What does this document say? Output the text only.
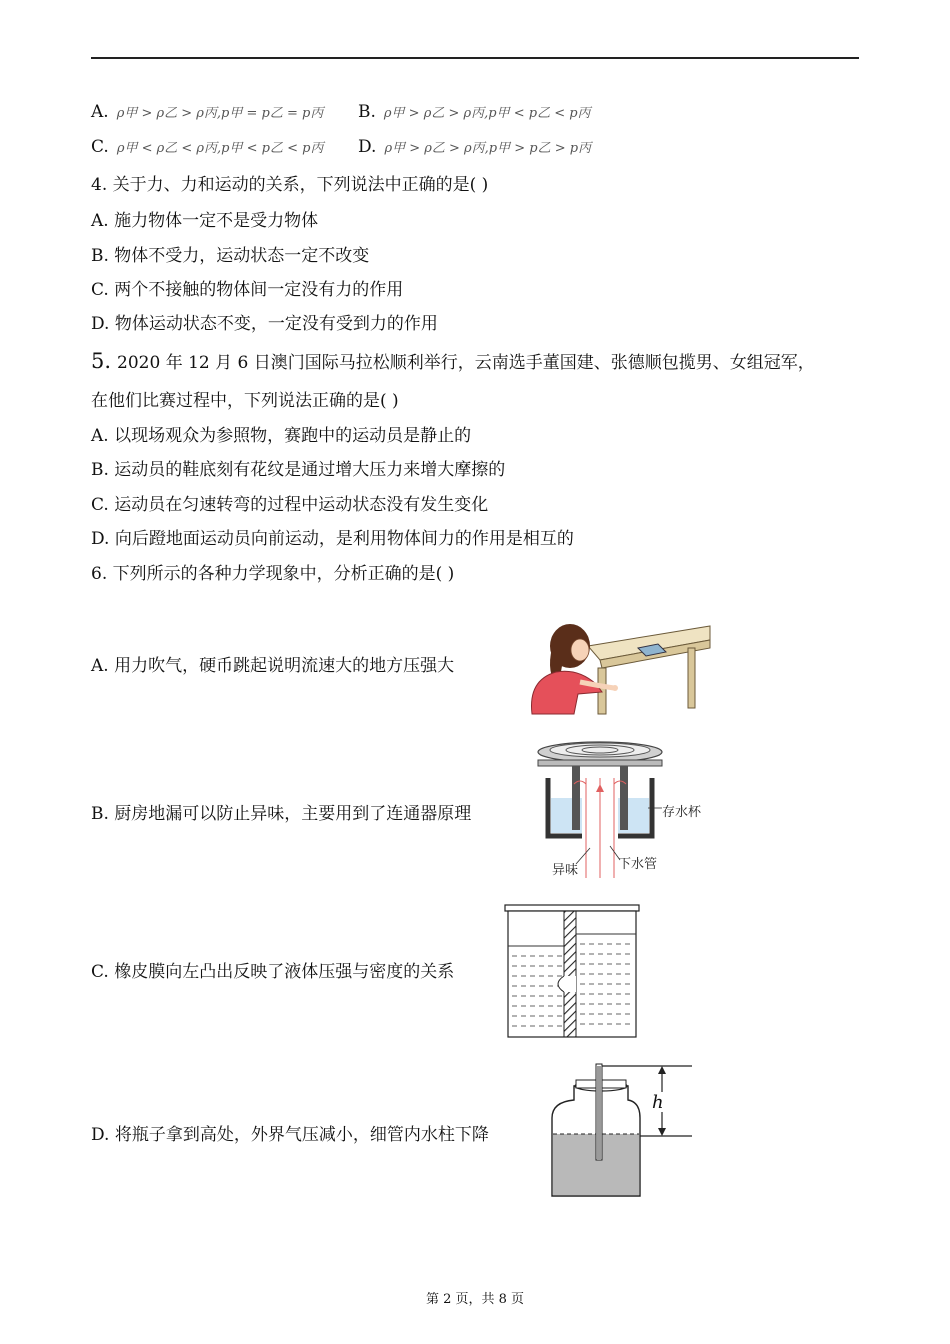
A. ρ甲 > ρ乙 > ρ丙,p甲 = p乙 = p丙 B. ρ甲 > ρ乙 > ρ丙,p甲 < p乙 < p丙
C. ρ甲 < ρ乙 < ρ丙,p甲 < p乙 < p丙 D. ρ甲 > ρ乙 > ρ丙,p甲 > p乙 > p丙
4. 关于力、力和运动的关系，下列说法中正确的是( )
A. 施力物体一定不是受力物体
B. 物体不受力，运动状态一定不改变
C. 两个不接触的物体间一定没有力的作用
D. 物体运动状态不变，一定没有受到力的作用
5. 2020 年 12 月 6 日澳门国际马拉松顺利举行，云南选手董国建、张德顺包揽男、女组冠军，
在他们比赛过程中，下列说法正确的是( )
A. 以现场观众为参照物，赛跑中的运动员是静止的
B. 运动员的鞋底刻有花纹是通过增大压力来增大摩擦的
C. 运动员在匀速转弯的过程中运动状态没有发生变化
D. 向后蹬地面运动员向前运动，是利用物体间力的作用是相互的
6. 下列所示的各种力学现象中，分析正确的是( )
A. 用力吹气，硬币跳起说明流速大的地方压强大
B. 厨房地漏可以防止异味，主要用到了连通器原理
C. 橡皮膜向左凸出反映了液体压强与密度的关系
D. 将瓶子拿到高处，外界气压减小，细管内水柱下降
存水杯
异味	下水管
h
第 2 页，共 8 页
